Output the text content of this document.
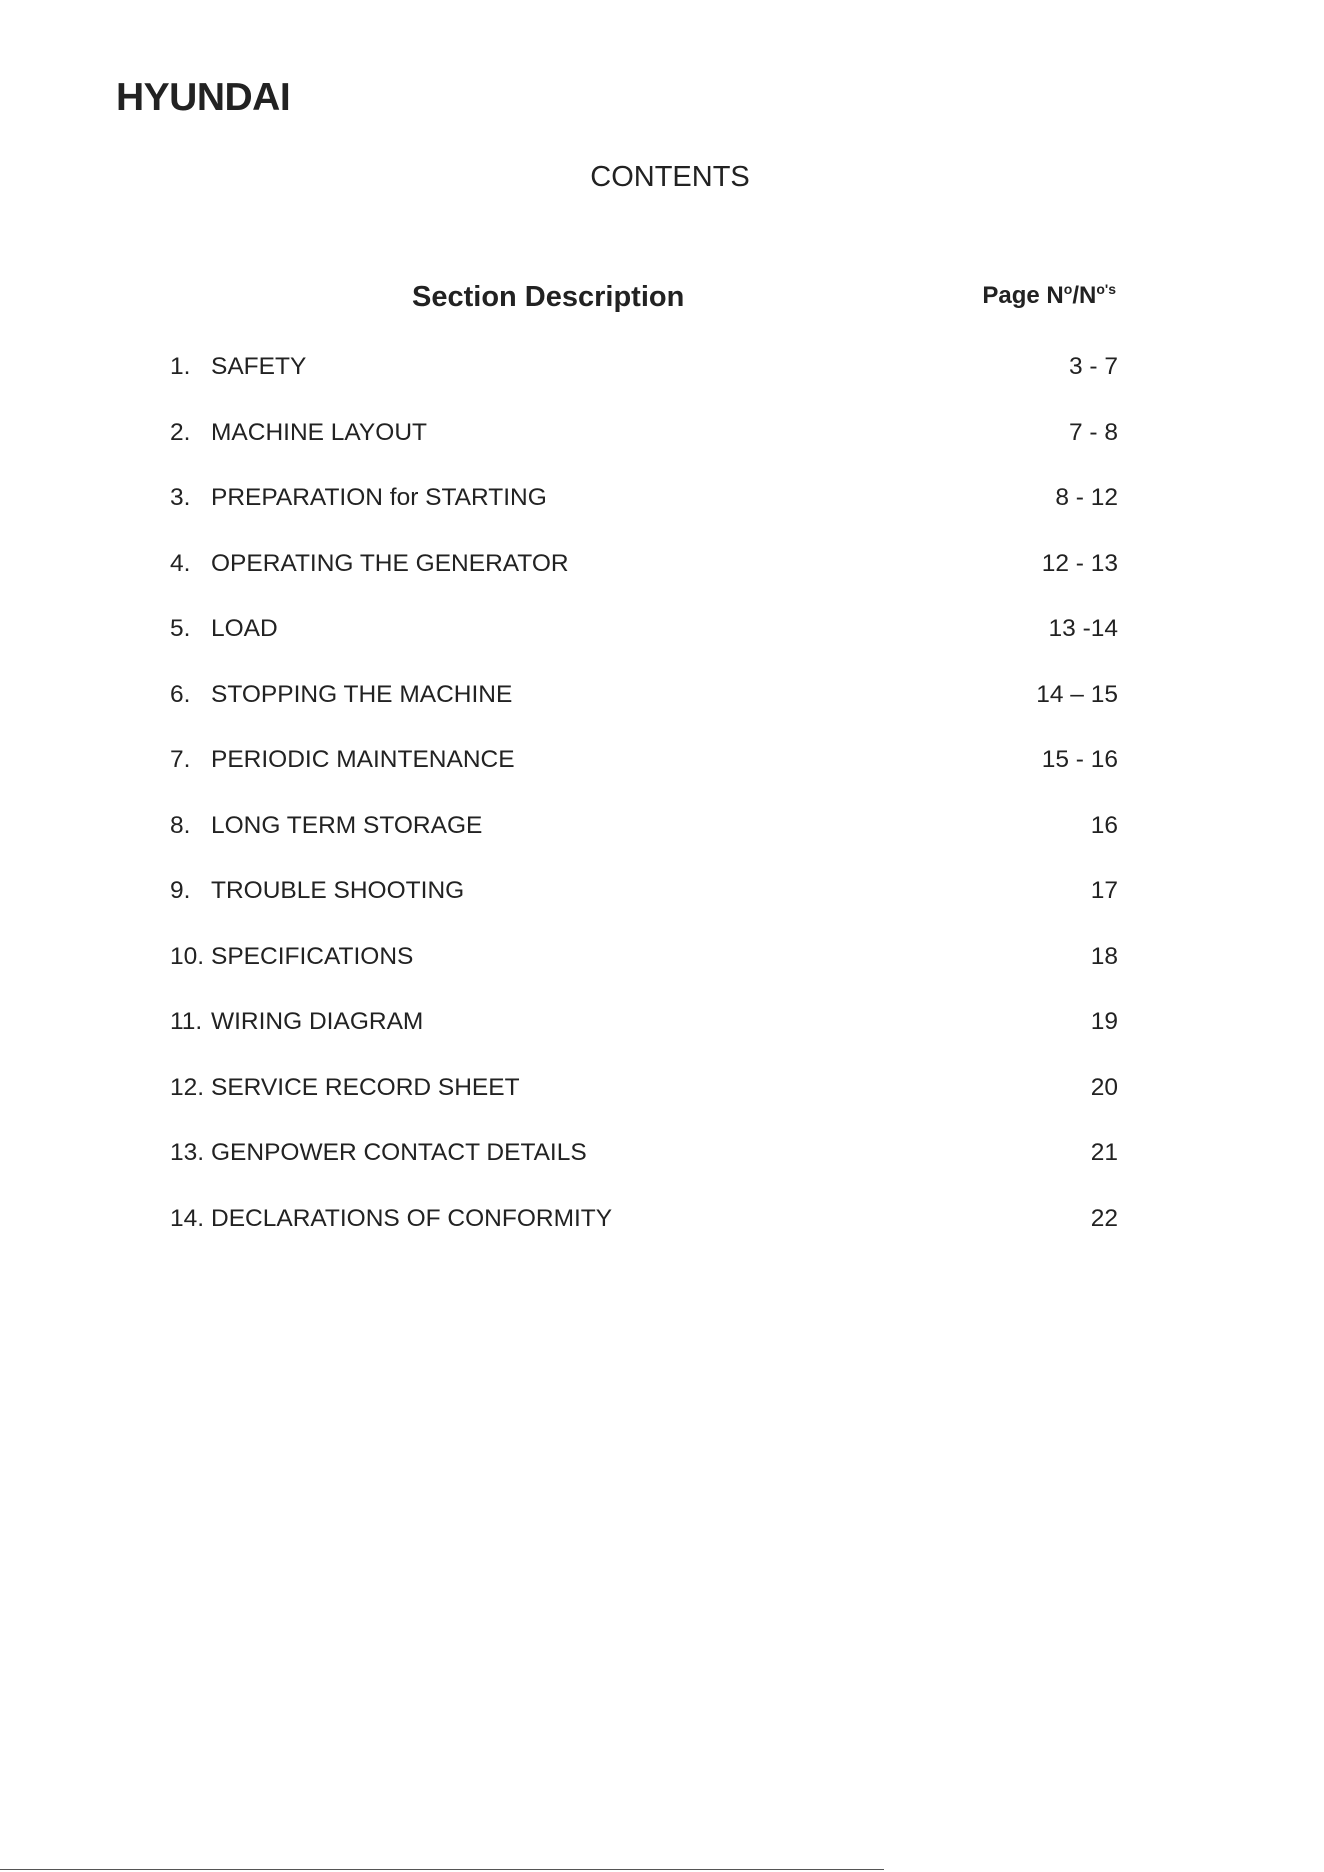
HYUNDAI
CONTENTS
Section Description	Page $N^o/N^{o's}$
1. SAFETY	3 - 7
2. MACHINE LAYOUT	7 - 8
3. PREPARATION for STARTING	8 - 12
4. OPERATING THE GENERATOR	12 - 13
5. LOAD	13 -14
6. STOPPING THE MACHINE	14 – 15
7. PERIODIC MAINTENANCE	15 - 16
8. LONG TERM STORAGE	16
9. TROUBLE SHOOTING	17
10. SPECIFICATIONS	18
11. WIRING DIAGRAM	19
12. SERVICE RECORD SHEET	20
13. GENPOWER CONTACT DETAILS	21
14. DECLARATIONS OF CONFORMITY	22
